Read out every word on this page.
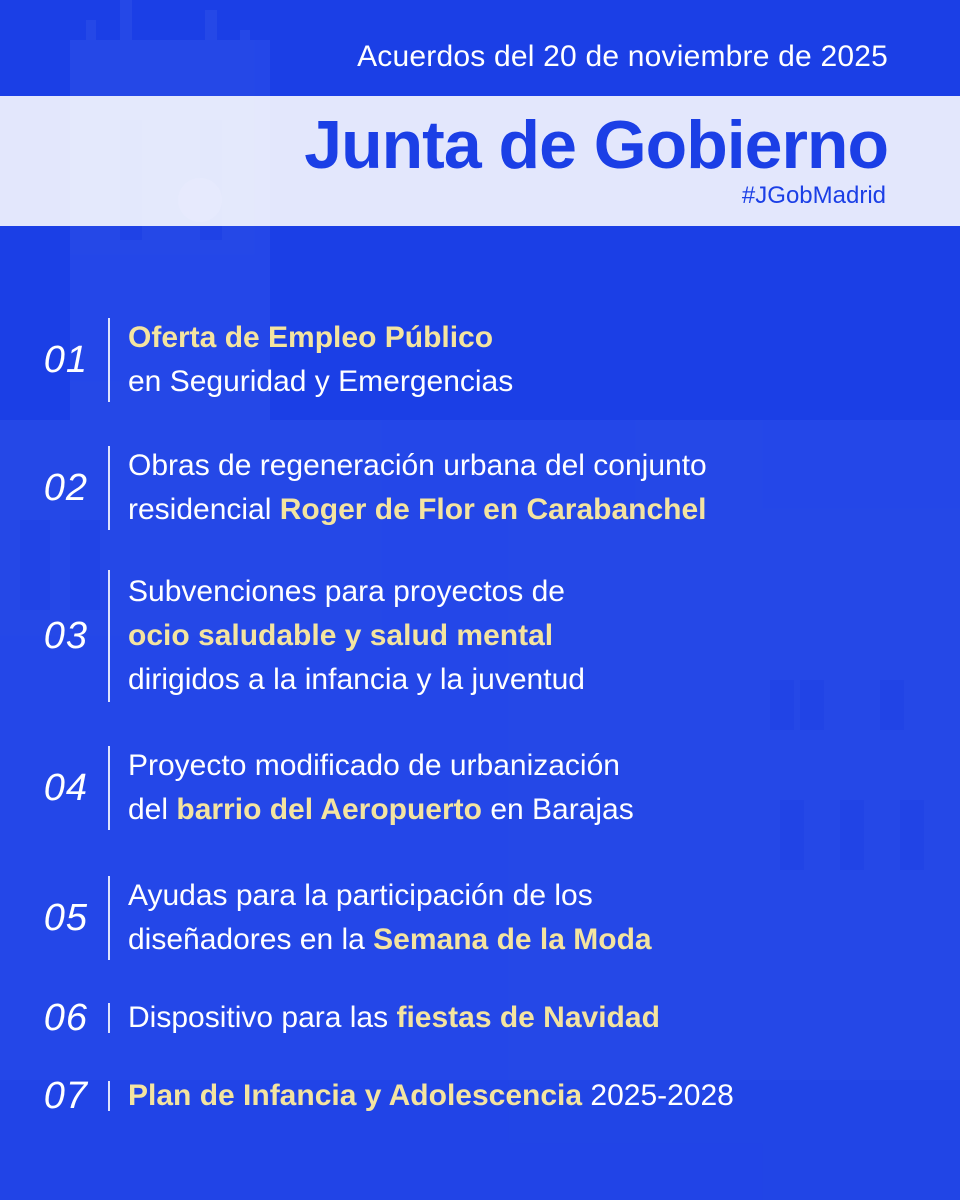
Acuerdos del 20 de noviembre de 2025
Junta de Gobierno
#JGobMadrid
01
Oferta de Empleo Público
en Seguridad y Emergencias
02
Obras de regeneración urbana del conjunto
residencial Roger de Flor en Carabanchel
03
Subvenciones para proyectos de
ocio saludable y salud mental
dirigidos a la infancia y la juventud
04
Proyecto modificado de urbanización
del barrio del Aeropuerto en Barajas
05
Ayudas para la participación de los
diseñadores en la Semana de la Moda
06	Dispositivo para las fiestas de Navidad
07	Plan de Infancia y Adolescencia 2025-2028
